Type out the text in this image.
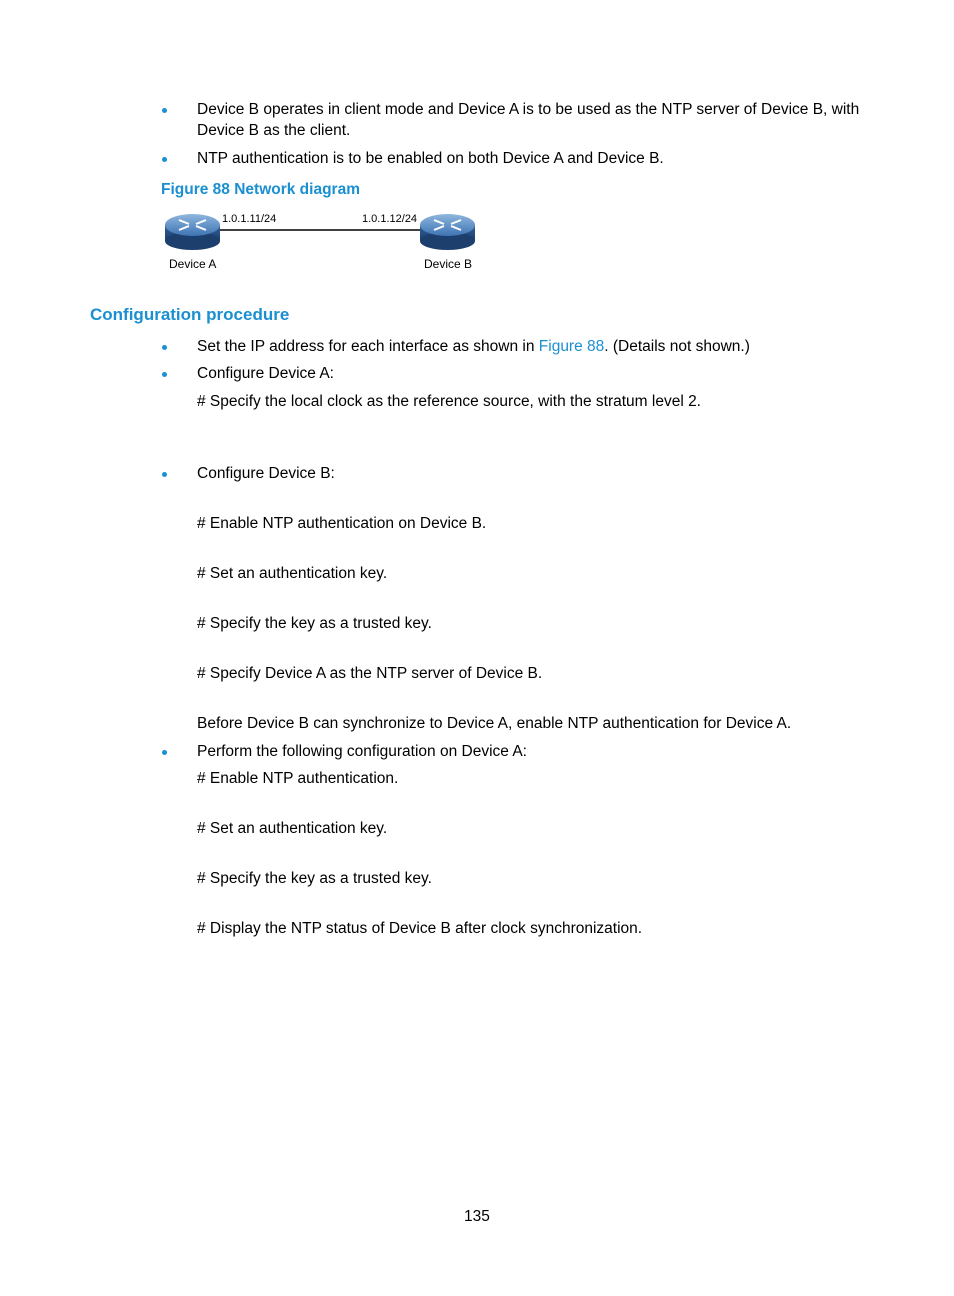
Device B operates in client mode and Device A is to be used as the NTP server of Device B, with
Device B as the client.
NTP authentication is to be enabled on both Device A and Device B.
Figure 88 Network diagram
1.0.1.11/24	1.0.1.12/24
Device A	Device B
Configuration procedure
Set the IP address for each interface as shown in Figure 88. (Details not shown.)
Configure Device A:
# Specify the local clock as the reference source, with the stratum level 2.
Configure Device B:
# Enable NTP authentication on Device B.
# Set an authentication key.
# Specify the key as a trusted key.
# Specify Device A as the NTP server of Device B.
Before Device B can synchronize to Device A, enable NTP authentication for Device A.
Perform the following configuration on Device A:
# Enable NTP authentication.
# Set an authentication key.
# Specify the key as a trusted key.
# Display the NTP status of Device B after clock synchronization.
135
